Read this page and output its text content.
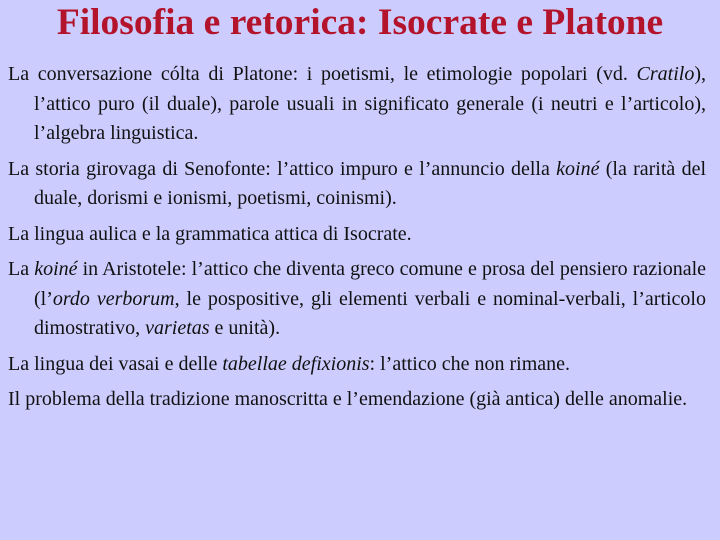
Filosofia e retorica: Isocrate e Platone

La conversazione cólta di Platone: i poetismi, le etimologie popolari (vd. Cratilo), l’attico puro (il duale), parole usuali in significato generale (i neutri e l’articolo), l’algebra linguistica.

La storia girovaga di Senofonte: l’attico impuro e l’annuncio della koiné (la rarità del duale, dorismi e ionismi, poetismi, coinismi).

La lingua aulica e la grammatica attica di Isocrate.

La koiné in Aristotele: l’attico che diventa greco comune e prosa del pensiero razionale (l’ordo verborum, le pospositive, gli elementi verbali e nominal-verbali, l’articolo dimostrativo, varietas e unità).

La lingua dei vasai e delle tabellae defixionis: l’attico che non rimane.

Il problema della tradizione manoscritta e l’emendazione (già antica) delle anomalie.
